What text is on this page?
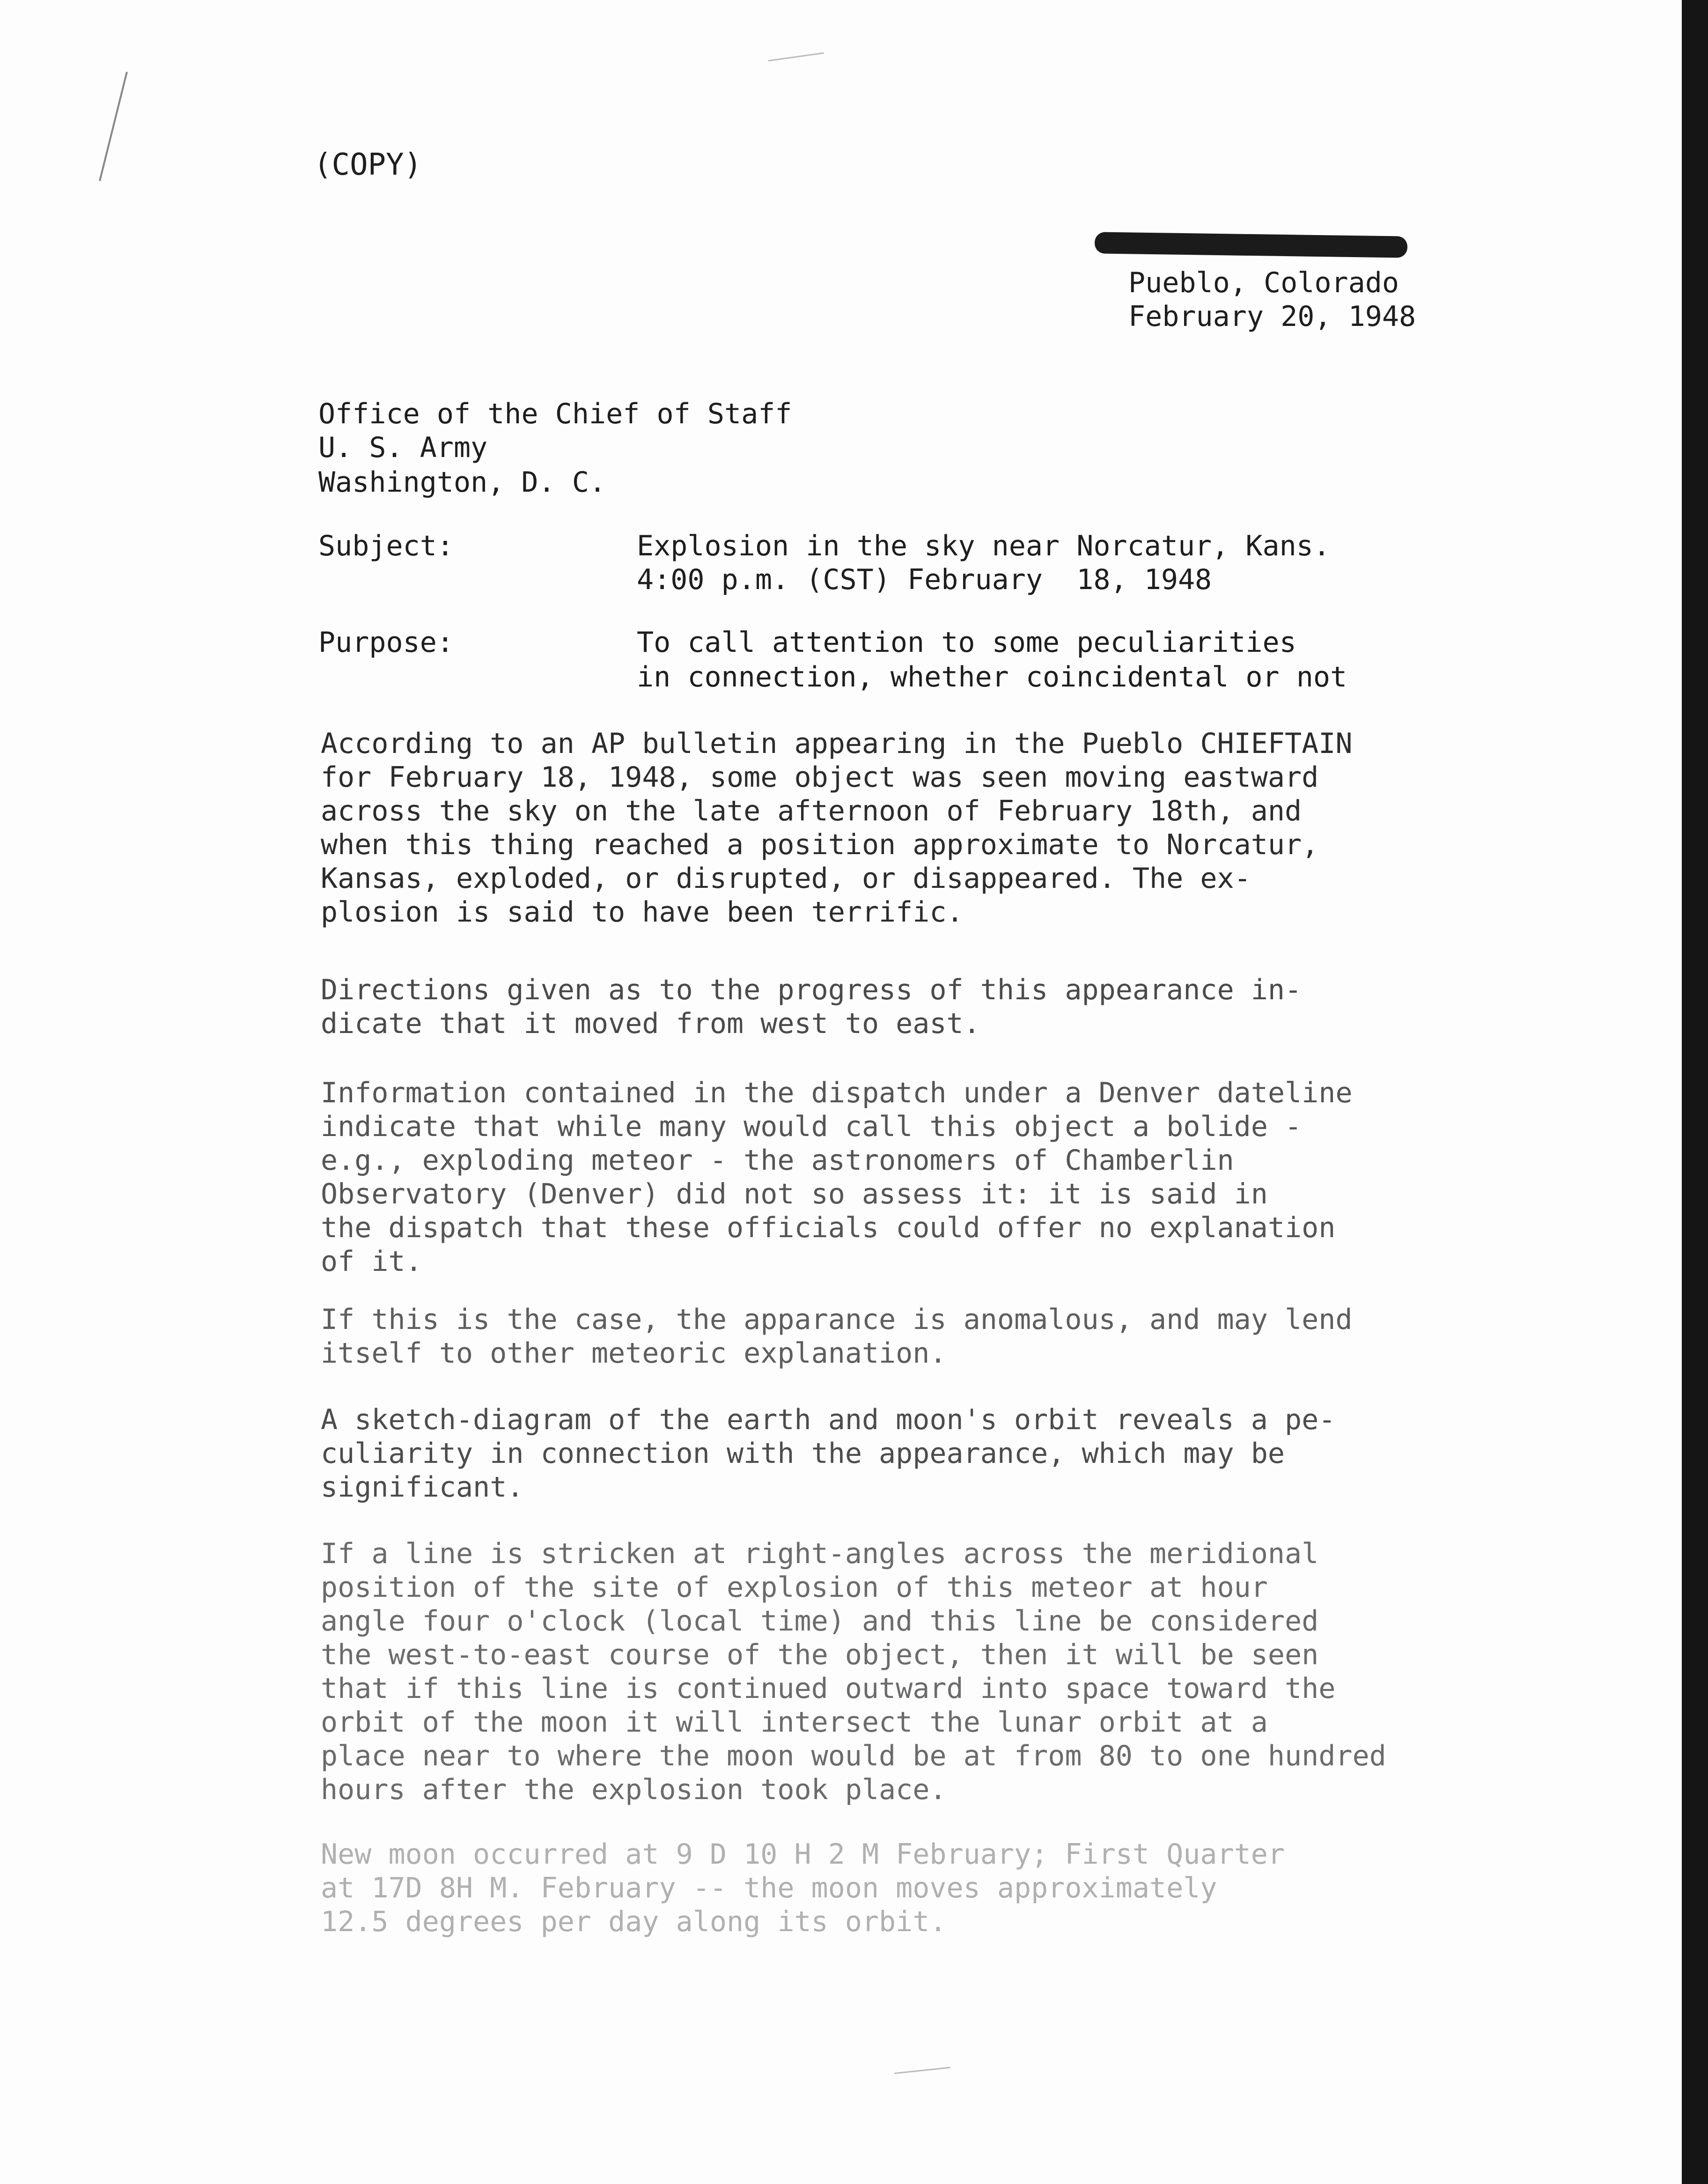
(COPY)
Pueblo, Colorado
February 20, 1948
Office of the Chief of Staff
U. S. Army
Washington, D. C.
Subject:	Explosion in the sky near Norcatur, Kans.
4:00 p.m. (CST) February  18, 1948
Purpose:	To call attention to some peculiarities
in connection, whether coincidental or not
According to an AP bulletin appearing in the Pueblo CHIEFTAIN
for February 18, 1948, some object was seen moving eastward
across the sky on the late afternoon of February 18th, and
when this thing reached a position approximate to Norcatur,
Kansas, exploded, or disrupted, or disappeared. The ex-
plosion is said to have been terrific.
Directions given as to the progress of this appearance in-
dicate that it moved from west to east.
Information contained in the dispatch under a Denver dateline
indicate that while many would call this object a bolide -
e.g., exploding meteor - the astronomers of Chamberlin
Observatory (Denver) did not so assess it: it is said in
the dispatch that these officials could offer no explanation
of it.
If this is the case, the apparance is anomalous, and may lend
itself to other meteoric explanation.
A sketch-diagram of the earth and moon's orbit reveals a pe-
culiarity in connection with the appearance, which may be
significant.
If a line is stricken at right-angles across the meridional
position of the site of explosion of this meteor at hour
angle four o'clock (local time) and this line be considered
the west-to-east course of the object, then it will be seen
that if this line is continued outward into space toward the
orbit of the moon it will intersect the lunar orbit at a
place near to where the moon would be at from 80 to one hundred
hours after the explosion took place.
New moon occurred at 9 D 10 H 2 M February; First Quarter
at 17D 8H M. February -- the moon moves approximately
12.5 degrees per day along its orbit.
